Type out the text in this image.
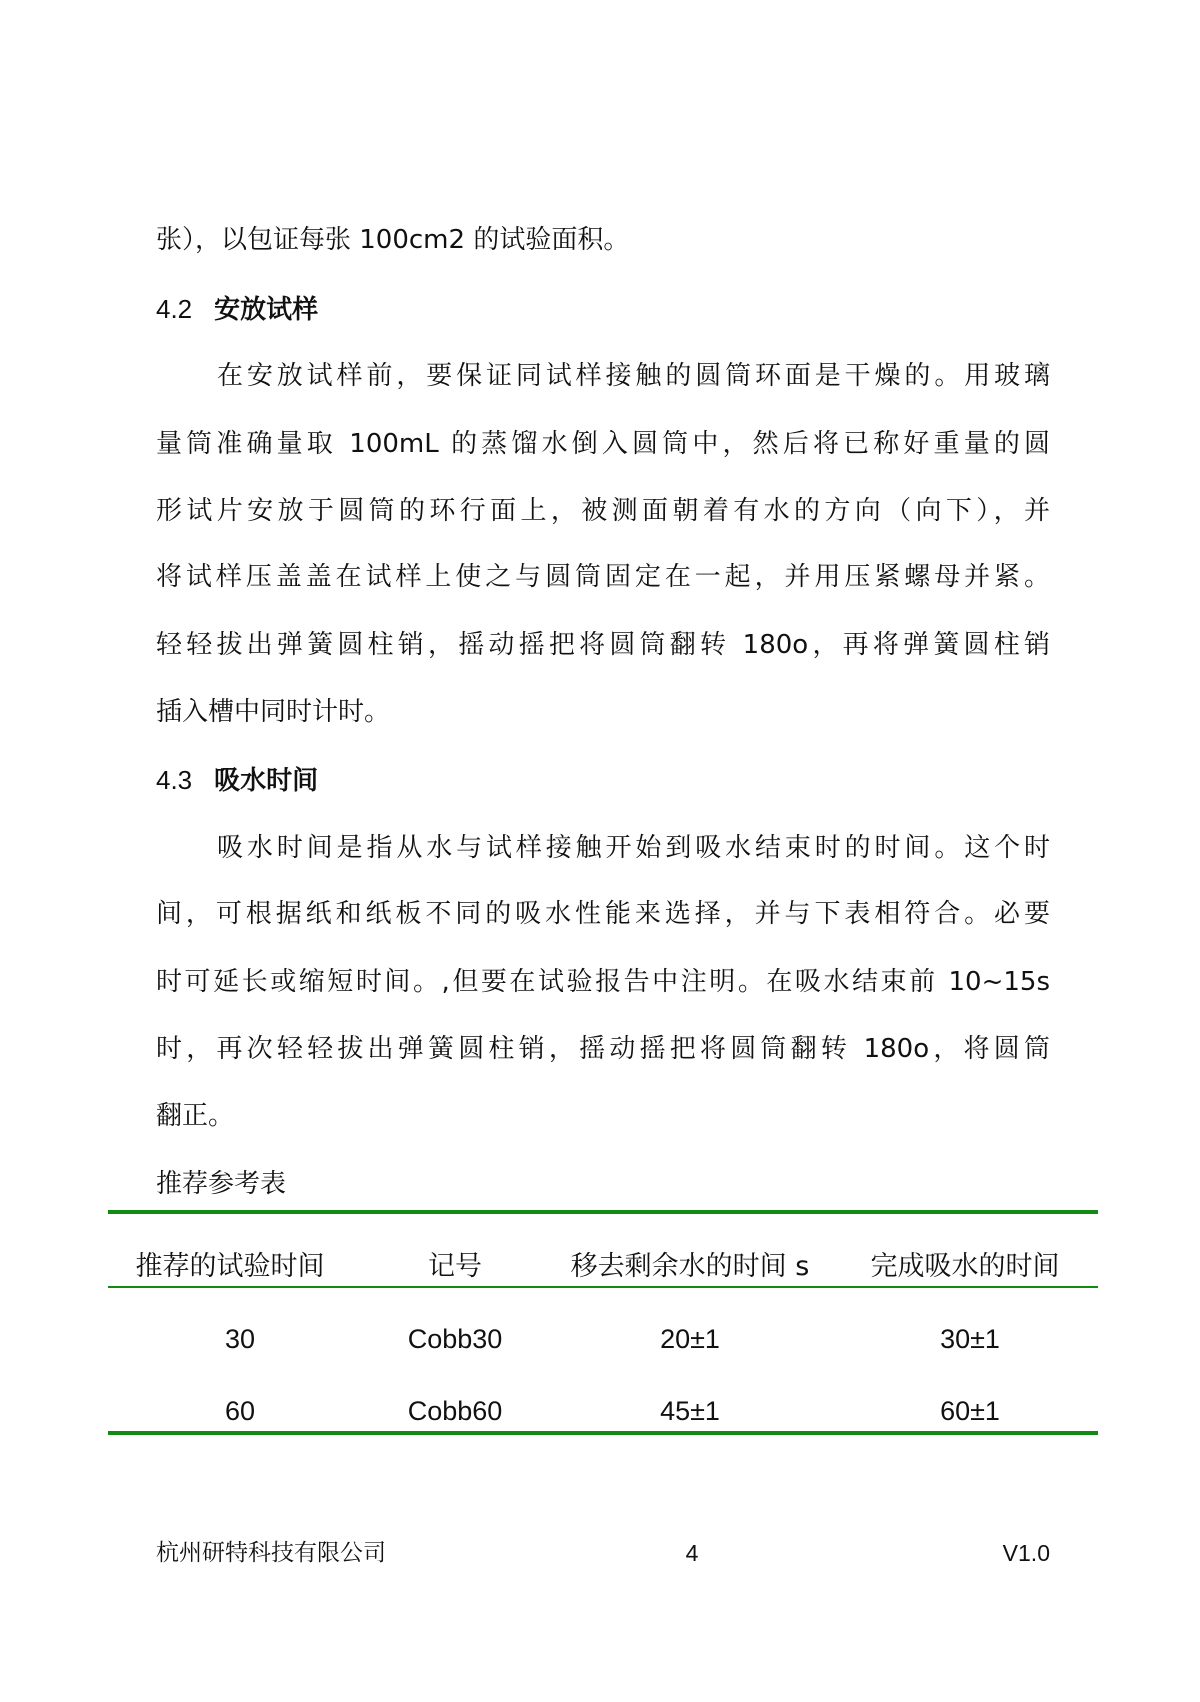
张），以包证每张 100cm2 的试验面积。
4.2 安放试样
在安放试样前，要保证同试样接触的圆筒环面是干燥的。用玻璃
量筒准确量取 100mL 的蒸馏水倒入圆筒中，然后将已称好重量的圆
形试片安放于圆筒的环行面上，被测面朝着有水的方向（向下），并
将试样压盖盖在试样上使之与圆筒固定在一起，并用压紧螺母并紧。
轻轻拔出弹簧圆柱销，摇动摇把将圆筒翻转 180o，再将弹簧圆柱销
插入槽中同时计时。
4.3 吸水时间
吸水时间是指从水与试样接触开始到吸水结束时的时间。这个时
间，可根据纸和纸板不同的吸水性能来选择，并与下表相符合。必要
时可延长或缩短时间。,但要在试验报告中注明。在吸水结束前 10~15s
时，再次轻轻拔出弹簧圆柱销，摇动摇把将圆筒翻转 180o，将圆筒
翻正。
推荐参考表
推荐的试验时间	记号	移去剩余水的时间 s	完成吸水的时间
30	Cobb30	20±1	30±1
60	Cobb60	45±1	60±1
杭州研特科技有限公司	4	V1.0
